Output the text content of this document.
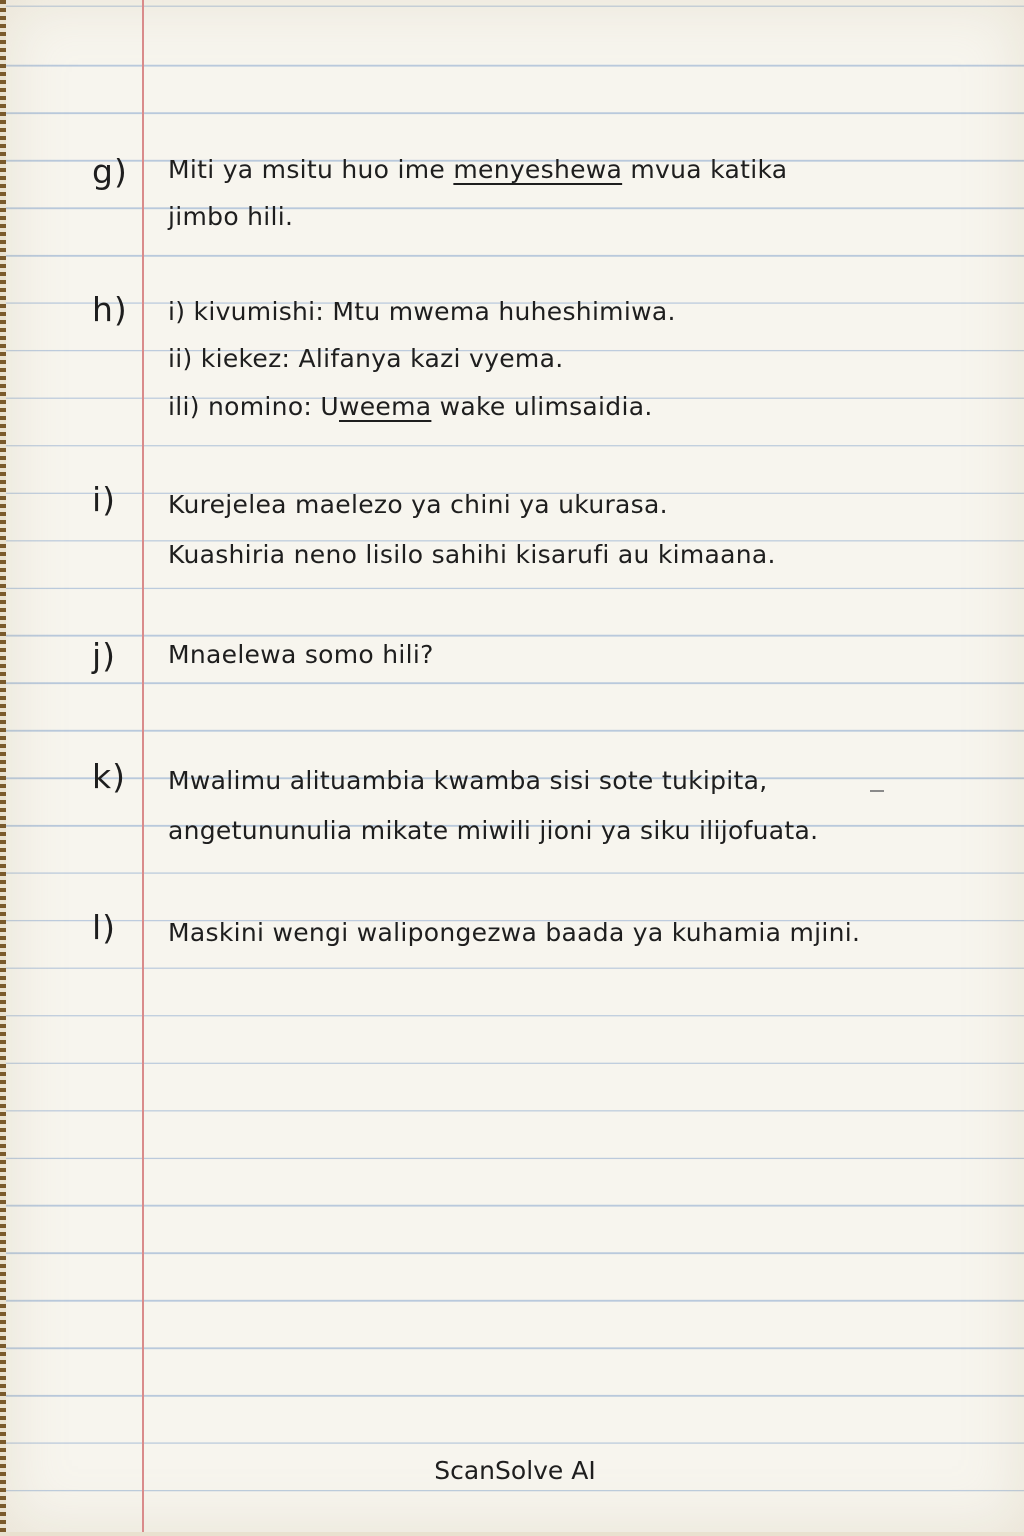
g) Miti ya msitu huo ime menyeshewa mvua katika
jimbo hili.
h) i) kivumishi: Mtu mwema huheshimiwa.
ii) kiekez: Alifanya kazi vyema.
ili) nomino: Uweema wake ulimsaidia.
i) Kurejelea maelezo ya chini ya ukurasa.
Kuashiria neno lisilo sahihi kisarufi au kimaana.
j) Mnaelewa somo hili?
k) Mwalimu alituambia kwamba sisi sote tukipita,
angetununulia mikate miwili jioni ya siku ilijofuata.
l) Maskini wengi walipongezwa baada ya kuhamia mjini.
ScanSolve AI
